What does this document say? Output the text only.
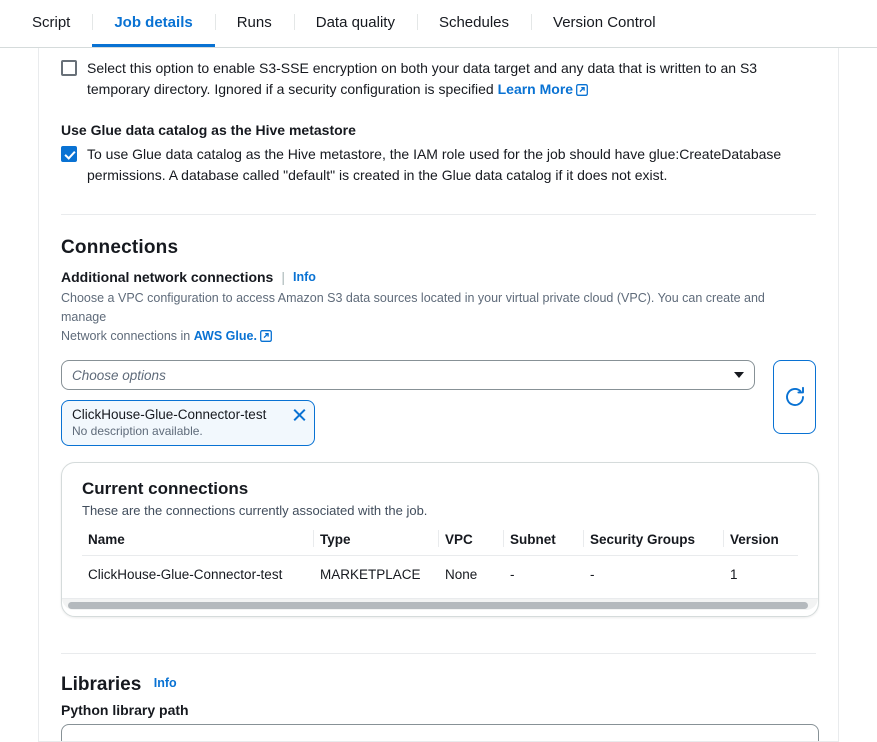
Script	Job details	Runs	Data quality	Schedules	Version Control
Select this option to enable S3-SSE encryption on both your data target and any data that is written to an S3 temporary directory. Ignored if a security configuration is specified Learn More
Use Glue data catalog as the Hive metastore
To use Glue data catalog as the Hive metastore, the IAM role used for the job should have glue:CreateDatabase permissions. A database called "default" is created in the Glue data catalog if it does not exist.
Connections
Additional network connections | Info
Choose a VPC configuration to access Amazon S3 data sources located in your virtual private cloud (VPC). You can create and manage
Network connections in AWS Glue.
Choose options
ClickHouse-Glue-Connector-test
No description available.
Current connections
These are the connections currently associated with the job.
Name	Type	VPC	Subnet	Security Groups	Version
ClickHouse-Glue-Connector-test	MARKETPLACE	None	-	-	1
Libraries Info
Python library path
